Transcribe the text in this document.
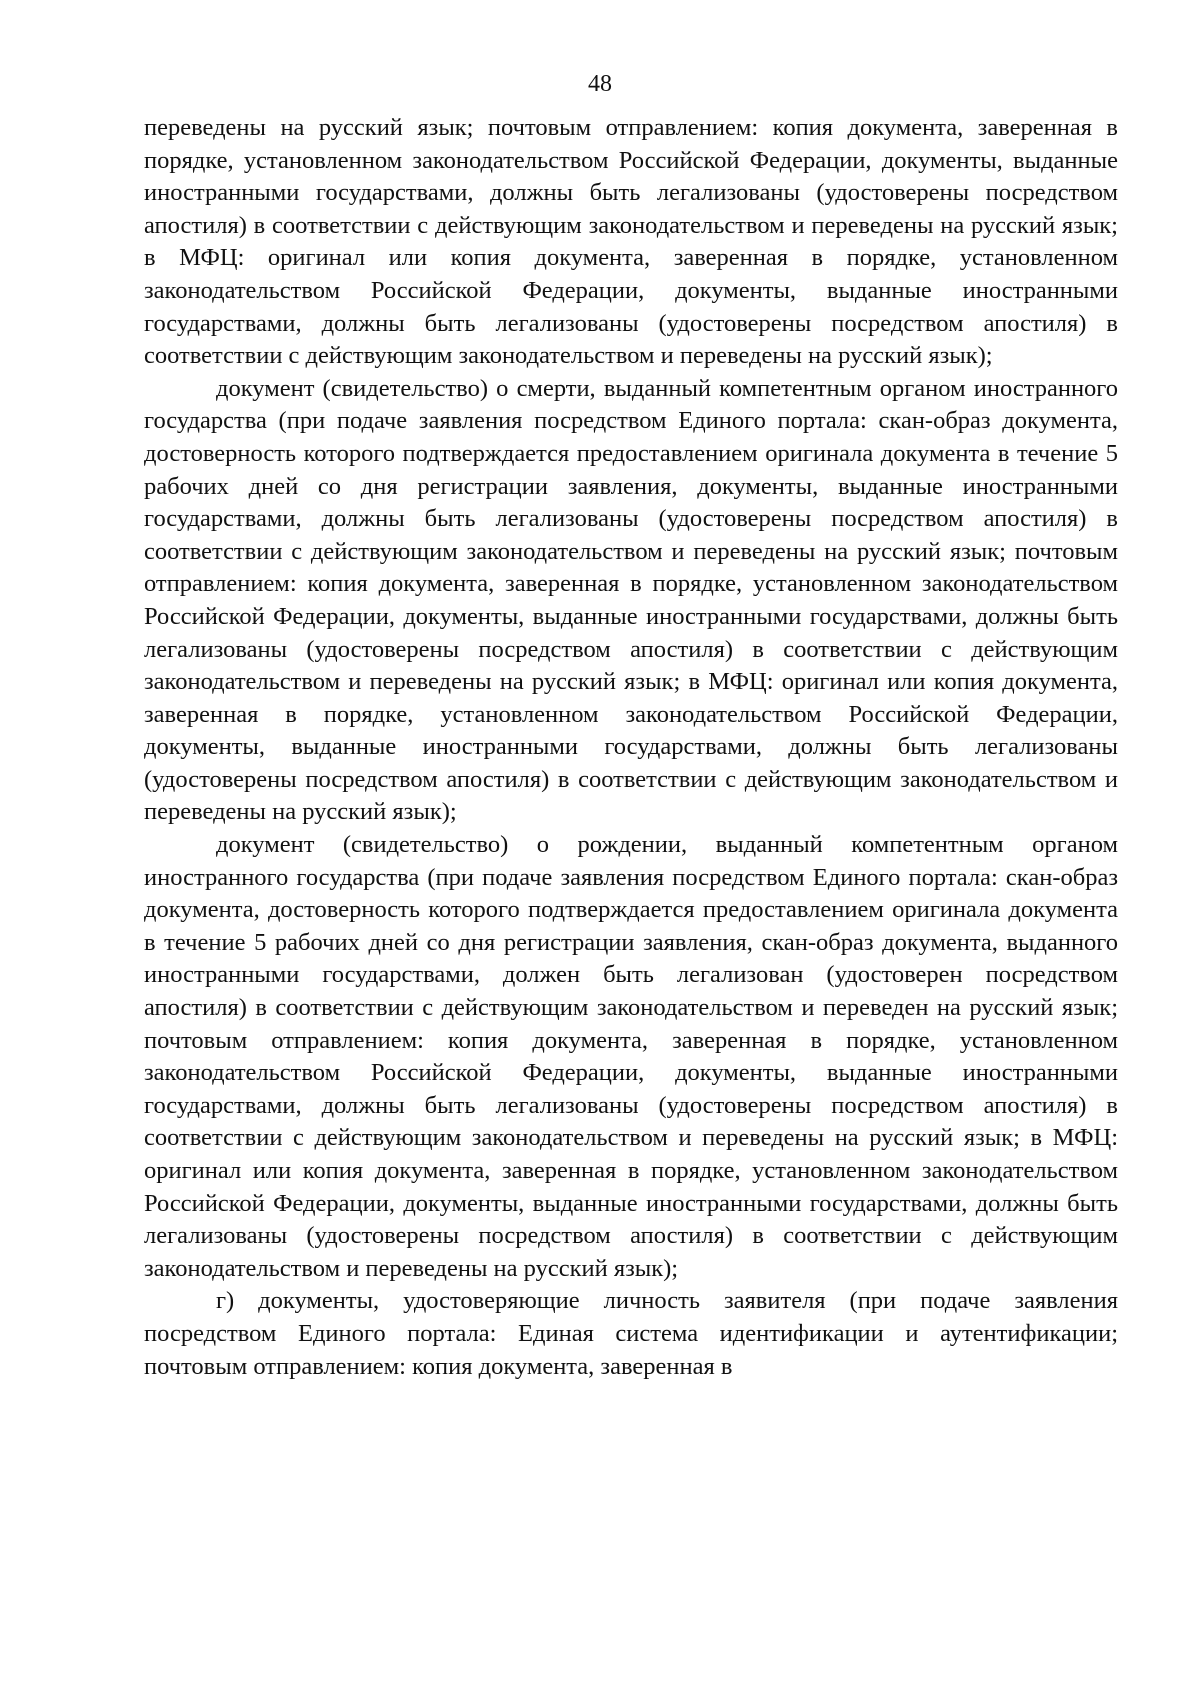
48

переведены на русский язык; почтовым отправлением: копия документа, заверенная в порядке, установленном законодательством Российской Федерации, документы, выданные иностранными государствами, должны быть легализованы (удостоверены посредством апостиля) в соответствии с действующим законодательством и переведены на русский язык; в МФЦ: оригинал или копия документа, заверенная в порядке, установленном законодательством Российской Федерации, документы, выданные иностранными государствами, должны быть легализованы (удостоверены посредством апостиля) в соответствии с действующим законодательством и переведены на русский язык);

документ (свидетельство) о смерти, выданный компетентным органом иностранного государства (при подаче заявления посредством Единого портала: скан-образ документа, достоверность которого подтверждается предоставлением оригинала документа в течение 5 рабочих дней со дня регистрации заявления, документы, выданные иностранными государствами, должны быть легализованы (удостоверены посредством апостиля) в соответствии с действующим законодательством и переведены на русский язык; почтовым отправлением: копия документа, заверенная в порядке, установленном законодательством Российской Федерации, документы, выданные иностранными государствами, должны быть легализованы (удостоверены посредством апостиля) в соответствии с действующим законодательством и переведены на русский язык; в МФЦ: оригинал или копия документа, заверенная в порядке, установленном законодательством Российской Федерации, документы, выданные иностранными государствами, должны быть легализованы (удостоверены посредством апостиля) в соответствии с действующим законодательством и переведены на русский язык);

документ (свидетельство) о рождении, выданный компетентным органом иностранного государства (при подаче заявления посредством Единого портала: скан-образ документа, достоверность которого подтверждается предоставлением оригинала документа в течение 5 рабочих дней со дня регистрации заявления, скан-образ документа, выданного иностранными государствами, должен быть легализован (удостоверен посредством апостиля) в соответствии с действующим законодательством и переведен на русский язык; почтовым отправлением: копия документа, заверенная в порядке, установленном законодательством Российской Федерации, документы, выданные иностранными государствами, должны быть легализованы (удостоверены посредством апостиля) в соответствии с действующим законодательством и переведены на русский язык; в МФЦ: оригинал или копия документа, заверенная в порядке, установленном законодательством Российской Федерации, документы, выданные иностранными государствами, должны быть легализованы (удостоверены посредством апостиля) в соответствии с действующим законодательством и переведены на русский язык);

г) документы, удостоверяющие личность заявителя (при подаче заявления посредством Единого портала: Единая система идентификации и аутентификации; почтовым отправлением: копия документа, заверенная в
